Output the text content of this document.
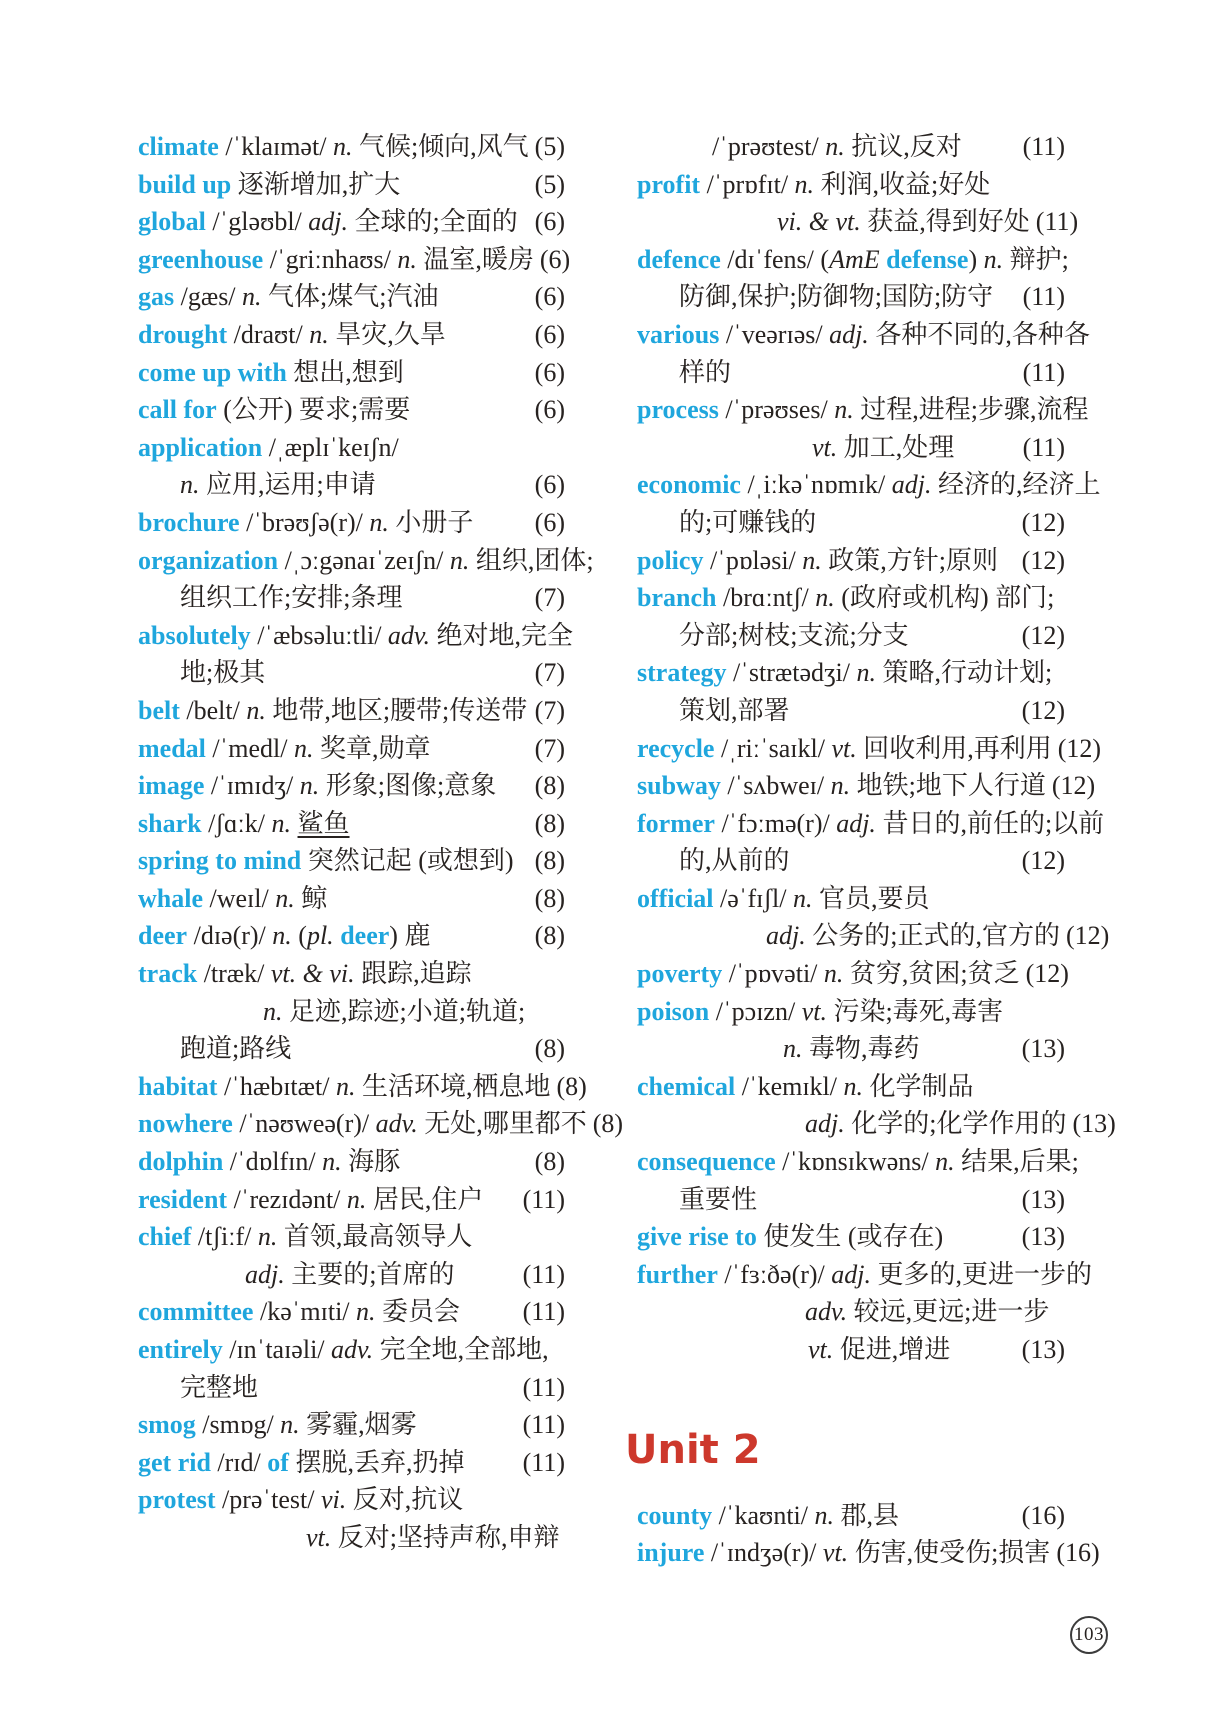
climate /ˈklaɪmət/ n. 气候;倾向,风气 (5)
build up 逐渐增加,扩大	(5)
global /ˈgləʊbl/ adj. 全球的;全面的 (6)
greenhouse /ˈgriːnhaʊs/ n. 温室,暖房 (6)
gas /gæs/ n. 气体;煤气;汽油	(6)
drought /draʊt/ n. 旱灾,久旱	(6)
come up with 想出,想到	(6)
call for (公开) 要求;需要	(6)
application /ˌæplɪˈkeɪʃn/
n. 应用,运用;申请	(6)
brochure /ˈbrəʊʃə(r)/ n. 小册子 (6)
organization /ˌɔːgənaɪˈzeɪʃn/ n. 组织,团体;
组织工作;安排;条理	(7)
absolutely /ˈæbsəluːtli/ adv. 绝对地,完全
地;极其	(7)
belt /belt/ n. 地带,地区;腰带;传送带 (7)
medal /ˈmedl/ n. 奖章,勋章	(7)
image /ˈɪmɪdʒ/ n. 形象;图像;意象 (8)
shark /ʃɑːk/ n. 鲨鱼	(8)
spring to mind 突然记起 (或想到) (8)
whale /weɪl/ n. 鲸	(8)
deer /dɪə(r)/ n. (pl. deer) 鹿	(8)
track /træk/ vt. & vi. 跟踪,追踪
n. 足迹,踪迹;小道;轨道;
跑道;路线	(8)
habitat /ˈhæbɪtæt/ n. 生活环境,栖息地 (8)
nowhere /ˈnəʊweə(r)/ adv. 无处,哪里都不 (8)
dolphin /ˈdɒlfɪn/ n. 海豚	(8)
resident /ˈrezɪdənt/ n. 居民,住户 (11)
chief /tʃiːf/ n. 首领,最高领导人
adj. 主要的;首席的	(11)
committee /kəˈmɪti/ n. 委员会 (11)
entirely /ɪnˈtaɪəli/ adv. 完全地,全部地,
完整地	(11)
smog /smɒg/ n. 雾霾,烟雾	(11)
get rid /rɪd/ of 摆脱,丢弃,扔掉 (11)
protest /prəˈtest/ vi. 反对,抗议
vt. 反对;坚持声称,申辩
/ˈprəʊtest/ n. 抗议,反对 (11)
profit /ˈprɒfɪt/ n. 利润,收益;好处
vi. & vt. 获益,得到好处 (11)
defence /dɪˈfens/ (AmE defense) n. 辩护;
防御,保护;防御物;国防;防守 (11)
various /ˈveərɪəs/ adj. 各种不同的,各种各
样的	(11)
process /ˈprəʊses/ n. 过程,进程;步骤,流程
vt. 加工,处理	(11)
economic /ˌiːkəˈnɒmɪk/ adj. 经济的,经济上
的;可赚钱的	(12)
policy /ˈpɒləsi/ n. 政策,方针;原则 (12)
branch /brɑːntʃ/ n. (政府或机构) 部门;
分部;树枝;支流;分支	(12)
strategy /ˈstrætədʒi/ n. 策略,行动计划;
策划,部署	(12)
recycle /ˌriːˈsaɪkl/ vt. 回收利用,再利用 (12)
subway /ˈsʌbweɪ/ n. 地铁;地下人行道 (12)
former /ˈfɔːmə(r)/ adj. 昔日的,前任的;以前
的,从前的	(12)
official /əˈfɪʃl/ n. 官员,要员
adj. 公务的;正式的,官方的 (12)
poverty /ˈpɒvəti/ n. 贫穷,贫困;贫乏 (12)
poison /ˈpɔɪzn/ vt. 污染;毒死,毒害
n. 毒物,毒药	(13)
chemical /ˈkemɪkl/ n. 化学制品
adj. 化学的;化学作用的 (13)
consequence /ˈkɒnsɪkwəns/ n. 结果,后果;
重要性	(13)
give rise to 使发生 (或存在)	(13)
further /ˈfɜːðə(r)/ adj. 更多的,更进一步的
adv. 较远,更远;进一步
vt. 促进,增进	(13)
Unit 2
county /ˈkaʊnti/ n. 郡,县	(16)
injure /ˈɪndʒə(r)/ vt. 伤害,使受伤;损害 (16)
103
